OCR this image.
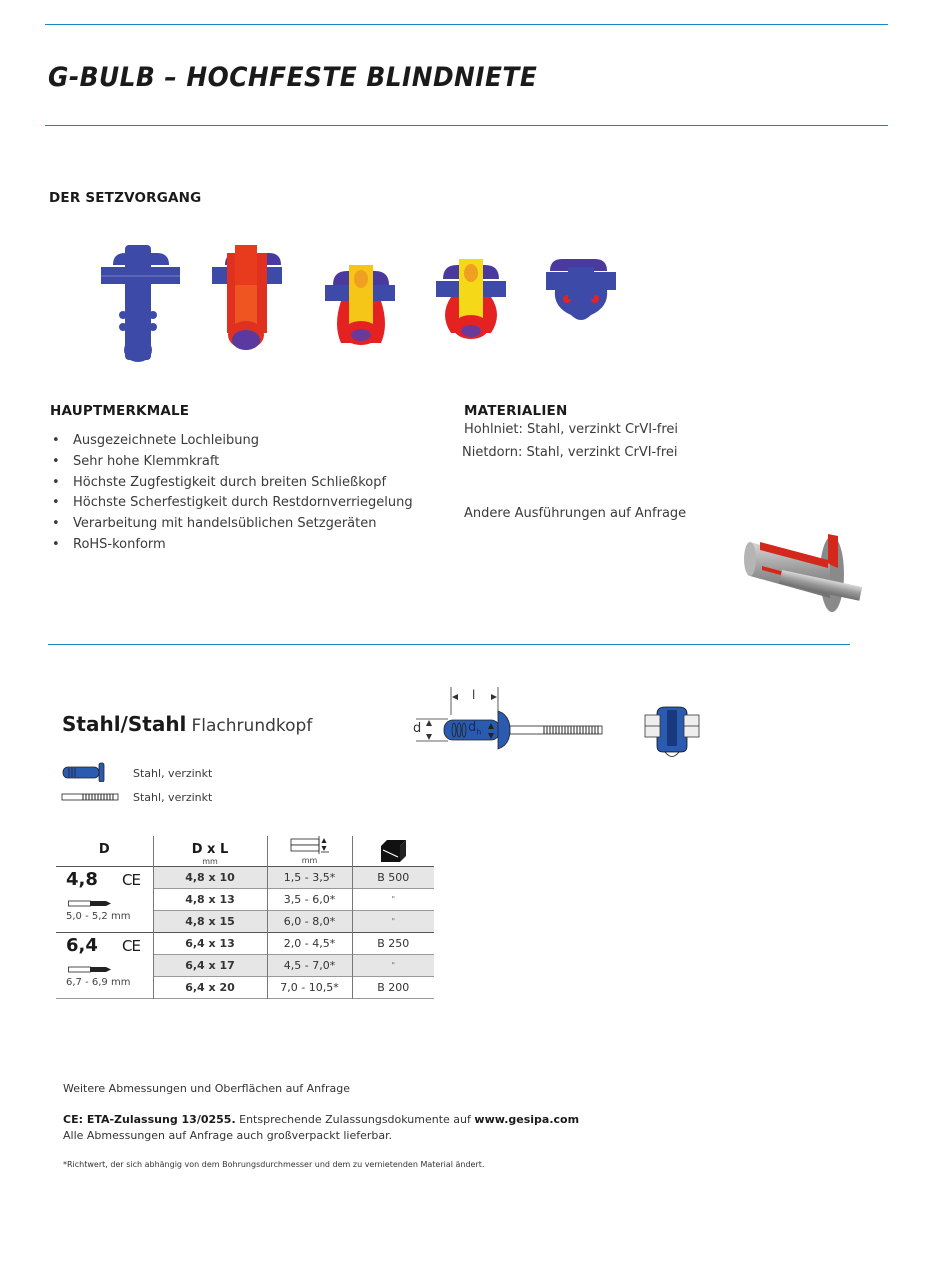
G-BULB – HOCHFESTE BLINDNIETE
DER SETZVORGANG
HAUPTMERKMALE
• Ausgezeichnete Lochleibung
• Sehr hohe Klemmkraft
• Höchste Zugfestigkeit durch breiten Schließkopf
• Höchste Scherfestigkeit durch Restdornverriegelung
• Verarbeitung mit handelsüblichen Setzgeräten
• RoHS-konform
MATERIALIEN
Hohlniet: Stahl, verzinkt CrVI-frei
Nietdorn: Stahl, verzinkt CrVI-frei
Andere Ausführungen auf Anfrage
Stahl/Stahl Flachrundkopf
Stahl, verzinkt
Stahl, verzinkt
l
d	$d_h$
D	D x L
mm	mm

4,8 CE
5,0 - 5,2 mm	4,8 x 10	1,5 - 3,5*	B 500
	4,8 x 13	3,5 - 6,0*	"
	4,8 x 15	6,0 - 8,0*	"

6,4 CE
6,7 - 6,9 mm	6,4 x 13	2,0 - 4,5*	B 250
	6,4 x 17	4,5 - 7,0*	"
	6,4 x 20	7,0 - 10,5*	B 200
Weitere Abmessungen und Oberflächen auf Anfrage
CE: ETA-Zulassung 13/0255. Entsprechende Zulassungsdokumente auf www.gesipa.com
Alle Abmessungen auf Anfrage auch großverpackt lieferbar.
*Richtwert, der sich abhängig von dem Bohrungsdurchmesser und dem zu vernietenden Material ändert.
